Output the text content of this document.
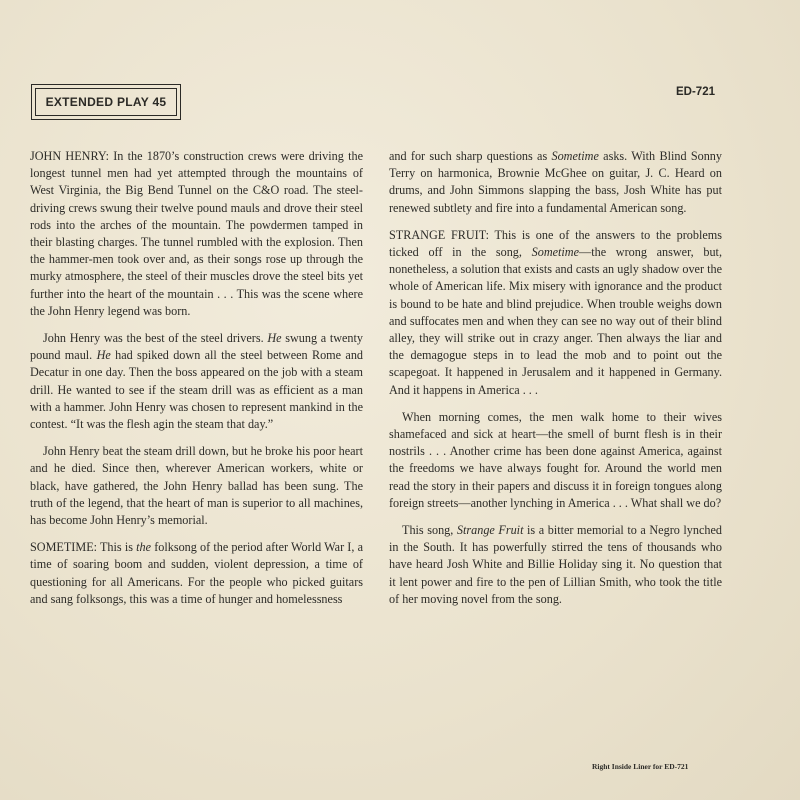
EXTENDED PLAY 45
ED-721

JOHN HENRY: In the 1870’s construction crews were driving the longest tunnel men had yet attempted through the mountains of West Virginia, the Big Bend Tunnel on the C&O road. The steel-driving crews swung their twelve pound mauls and drove their steel rods into the arches of the mountain. The powdermen tamped in their blasting charges. The tunnel rumbled with the explosion. Then the hammer-men took over and, as their songs rose up through the murky atmosphere, the steel of their muscles drove the steel bits yet further into the heart of the mountain . . . This was the scene where the John Henry legend was born.

John Henry was the best of the steel drivers. He swung a twenty pound maul. He had spiked down all the steel between Rome and Decatur in one day. Then the boss appeared on the job with a steam drill. He wanted to see if the steam drill was as efficient as a man with a hammer. John Henry was chosen to represent mankind in the contest. “It was the flesh agin the steam that day.”

John Henry beat the steam drill down, but he broke his poor heart and he died. Since then, wherever American workers, white or black, have gathered, the John Henry ballad has been sung. The truth of the legend, that the heart of man is superior to all machines, has become John Henry’s memorial.

SOMETIME: This is the folksong of the period after World War I, a time of soaring boom and sudden, violent depression, a time of questioning for all Americans. For the people who picked guitars and sang folksongs, this was a time of hunger and homelessness

and for such sharp questions as Sometime asks. With Blind Sonny Terry on harmonica, Brownie McGhee on guitar, J. C. Heard on drums, and John Simmons slapping the bass, Josh White has put renewed subtlety and fire into a fundamental American song.

STRANGE FRUIT: This is one of the answers to the problems ticked off in the song, Sometime—the wrong answer, but, nonetheless, a solution that exists and casts an ugly shadow over the whole of American life. Mix misery with ignorance and the product is bound to be hate and blind prejudice. When trouble weighs down and suffocates men and when they can see no way out of their blind alley, they will strike out in crazy anger. Then always the liar and the demagogue steps in to lead the mob and to point out the scapegoat. It happened in Jerusalem and it happened in Germany. And it happens in America . . .

When morning comes, the men walk home to their wives shamefaced and sick at heart—the smell of burnt flesh is in their nostrils . . . Another crime has been done against America, against the freedoms we have always fought for. Around the world men read the story in their papers and discuss it in foreign tongues along foreign streets—another lynching in America . . . What shall we do?

This song, Strange Fruit is a bitter memorial to a Negro lynched in the South. It has powerfully stirred the tens of thousands who have heard Josh White and Billie Holiday sing it. No question that it lent power and fire to the pen of Lillian Smith, who took the title of her moving novel from the song.

Right Inside Liner for ED-721
